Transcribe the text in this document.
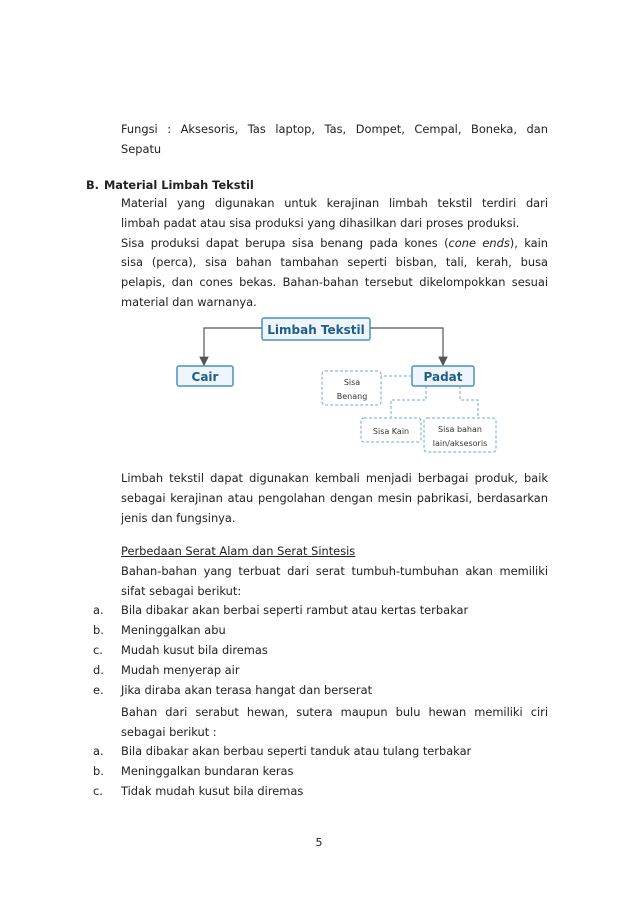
Fungsi : Aksesoris, Tas laptop, Tas, Dompet, Cempal, Boneka, dan
Sepatu
B. Material Limbah Tekstil
Material yang digunakan untuk kerajinan limbah tekstil terdiri dari
limbah padat atau sisa produksi yang dihasilkan dari proses produksi.
Sisa produksi dapat berupa sisa benang pada kones (cone ends), kain
sisa (perca), sisa bahan tambahan seperti bisban, tali, kerah, busa
pelapis, dan cones bekas. Bahan-bahan tersebut dikelompokkan sesuai
material dan warnanya.
Limbah Tekstil
Cair	Padat
Sisa
Benang
Sisa Kain	Sisa bahan
lain/aksesoris
Limbah tekstil dapat digunakan kembali menjadi berbagai produk, baik
sebagai kerajinan atau pengolahan dengan mesin pabrikasi, berdasarkan
jenis dan fungsinya.
Perbedaan Serat Alam dan Serat Sintesis
Bahan-bahan yang terbuat dari serat tumbuh-tumbuhan akan memiliki
sifat sebagai berikut:
a. Bila dibakar akan berbai seperti rambut atau kertas terbakar
b. Meninggalkan abu
c. Mudah kusut bila diremas
d. Mudah menyerap air
e. Jika diraba akan terasa hangat dan berserat
Bahan dari serabut hewan, sutera maupun bulu hewan memiliki ciri
sebagai berikut :
a. Bila dibakar akan berbau seperti tanduk atau tulang terbakar
b. Meninggalkan bundaran keras
c. Tidak mudah kusut bila diremas
5
